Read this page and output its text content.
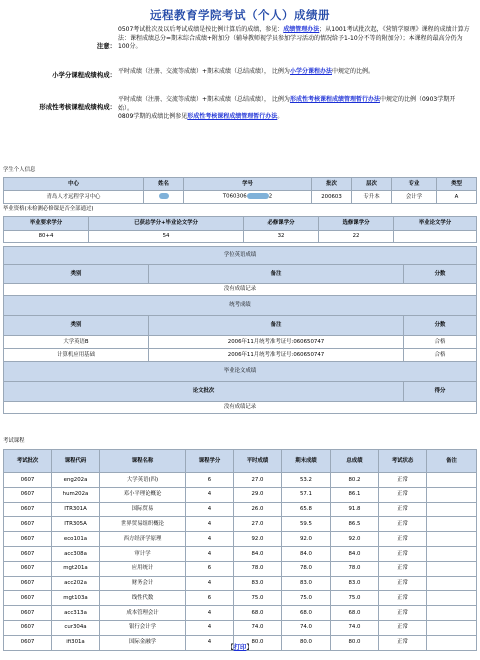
远程教育学院考试（个人）成绩册
注意：
0507考试批次及以后考试成绩是按比例计算后的成绩，参见：成绩管理办法；从1001考试批次起，《营销学原理》课程的成绩计算方法：课程成绩总分=期末综合成绩+附加分（辅导教师视学员参加学习活动的情况给予1-10分不等的附加分）；本课程的最高分仍为100分。
小学分课程成绩构成： 平时成绩（注册、交流等成绩）+期末成绩（总结成绩）， 比例为小学分课程办法中规定的比例。
形成性考核课程成绩构成：
平时成绩（注册、交流等成绩）+期末成绩（总结成绩）， 比例为形成性考核课程成绩管理暂行办法中规定的比例（0903学期开始）。
0809学期的成绩比例参见形成性考核课程成绩管理暂行办法。
学生个人信息
中心	姓名	学号	批次	层次	专业	类型
青岛人才远程学习中心		T060306 2	200603	专升本	会计学	A
毕业资格(未检测必修课是否全部通过)
毕业要求学分	已获总学分+毕业论文学分	必修课学分	选修课学分	毕业论文学分
80+4	54	32	22	
学位英语成绩		
类别	备注	分数
没有成绩记录		
统考成绩		
类别	备注	分数
大学英语B	2006年11月统考准考证号:060650747	合格
计算机应用基础	2006年11月统考准考证号:060650747	合格
毕业论文成绩		
论文批次		得分
没有成绩记录		
考试课程
考试批次	课程代码	课程名称	课程学分	平时成绩	期末成绩	总成绩	考试状态	备注
0607	eng202a	大学英语(四)	6	27.0	53.2	80.2	正常	
0607	hum202a	邓小平理论概论	4	29.0	57.1	86.1	正常	
0607	ITR301A	国际贸易	4	26.0	65.8	91.8	正常	
0607	ITR305A	世界贸易组织概论	4	27.0	59.5	86.5	正常	
0607	eco101a	西方经济学原理	4	92.0	92.0	92.0	正常	
0607	acc308a	审计学	4	84.0	84.0	84.0	正常	
0607	mgt201a	应用统计	6	78.0	78.0	78.0	正常	
0607	acc202a	财务会计	4	83.0	83.0	83.0	正常	
0607	mgt103a	线性代数	6	75.0	75.0	75.0	正常	
0607	acc313a	成本管理会计	4	68.0	68.0	68.0	正常	
0607	cur304a	银行会计学	4	74.0	74.0	74.0	正常	
0607	ifi301a	国际金融学	4	80.0	80.0	80.0	正常	
【打印】
